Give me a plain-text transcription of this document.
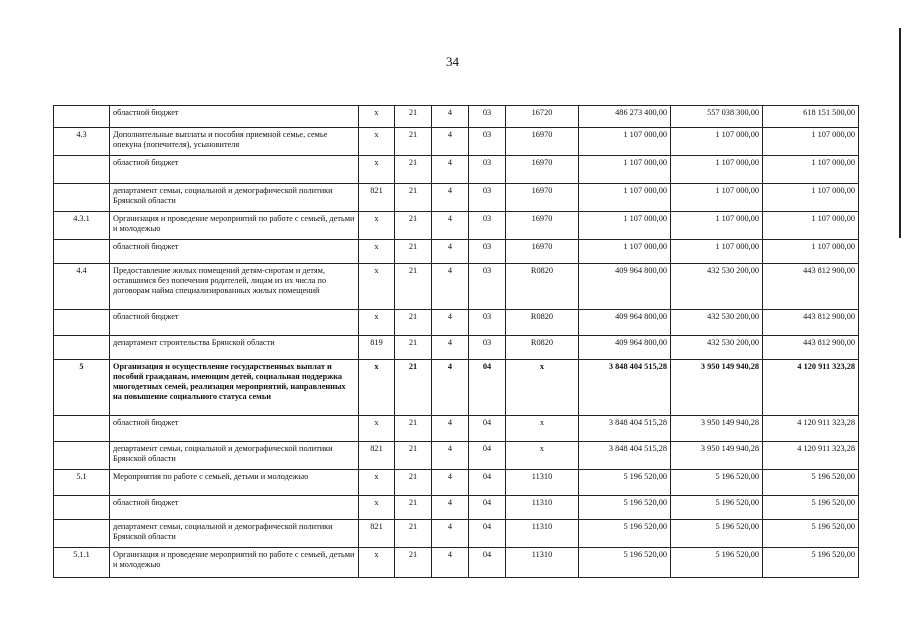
34
	областной бюджет	x	21	4	03	16720	486 273 400,00	557 038 300,00	618 151 500,00
4.3	Дополнительные выплаты и пособия приемной семье, семье опекуна (попечителя), усыновителя	x	21	4	03	16970	1 107 000,00	1 107 000,00	1 107 000,00
	областной бюджет	x	21	4	03	16970	1 107 000,00	1 107 000,00	1 107 000,00
	департамент семьи, социальной и демографической политики Брянской области	821	21	4	03	16970	1 107 000,00	1 107 000,00	1 107 000,00
4.3.1	Организация и проведение мероприятий по работе с семьей, детьми и молодежью	x	21	4	03	16970	1 107 000,00	1 107 000,00	1 107 000,00
	областной бюджет	x	21	4	03	16970	1 107 000,00	1 107 000,00	1 107 000,00
4.4	Предоставление жилых помещений детям-сиротам и детям, оставшимся без попечения родителей, лицам из их числа по договорам найма специализированных жилых помещений	x	21	4	03	R0820	409 964 800,00	432 530 200,00	443 812 900,00
	областной бюджет	x	21	4	03	R0820	409 964 800,00	432 530 200,00	443 812 900,00
	департамент строительства Брянской области	819	21	4	03	R0820	409 964 800,00	432 530 200,00	443 812 900,00
5	Организация и осуществление государственных выплат и пособий гражданам, имеющим детей, социальная поддержка многодетных семей, реализация мероприятий, направленных на повышение социального статуса семьи	x	21	4	04	x	3 848 404 515,28	3 950 149 940,28	4 120 911 323,28
	областной бюджет	x	21	4	04	x	3 848 404 515,28	3 950 149 940,28	4 120 911 323,28
	департамент семьи, социальной и демографической политики Брянской области	821	21	4	04	x	3 848 404 515,28	3 950 149 940,28	4 120 911 323,28
5.1	Мероприятия по работе с семьей, детьми и молодежью	x	21	4	04	11310	5 196 520,00	5 196 520,00	5 196 520,00
	областной бюджет	x	21	4	04	11310	5 196 520,00	5 196 520,00	5 196 520,00
	департамент семьи, социальной и демографической политики Брянской области	821	21	4	04	11310	5 196 520,00	5 196 520,00	5 196 520,00
5.1.1	Организация и проведение мероприятий по работе с семьей, детьми и молодежью	x	21	4	04	11310	5 196 520,00	5 196 520,00	5 196 520,00
